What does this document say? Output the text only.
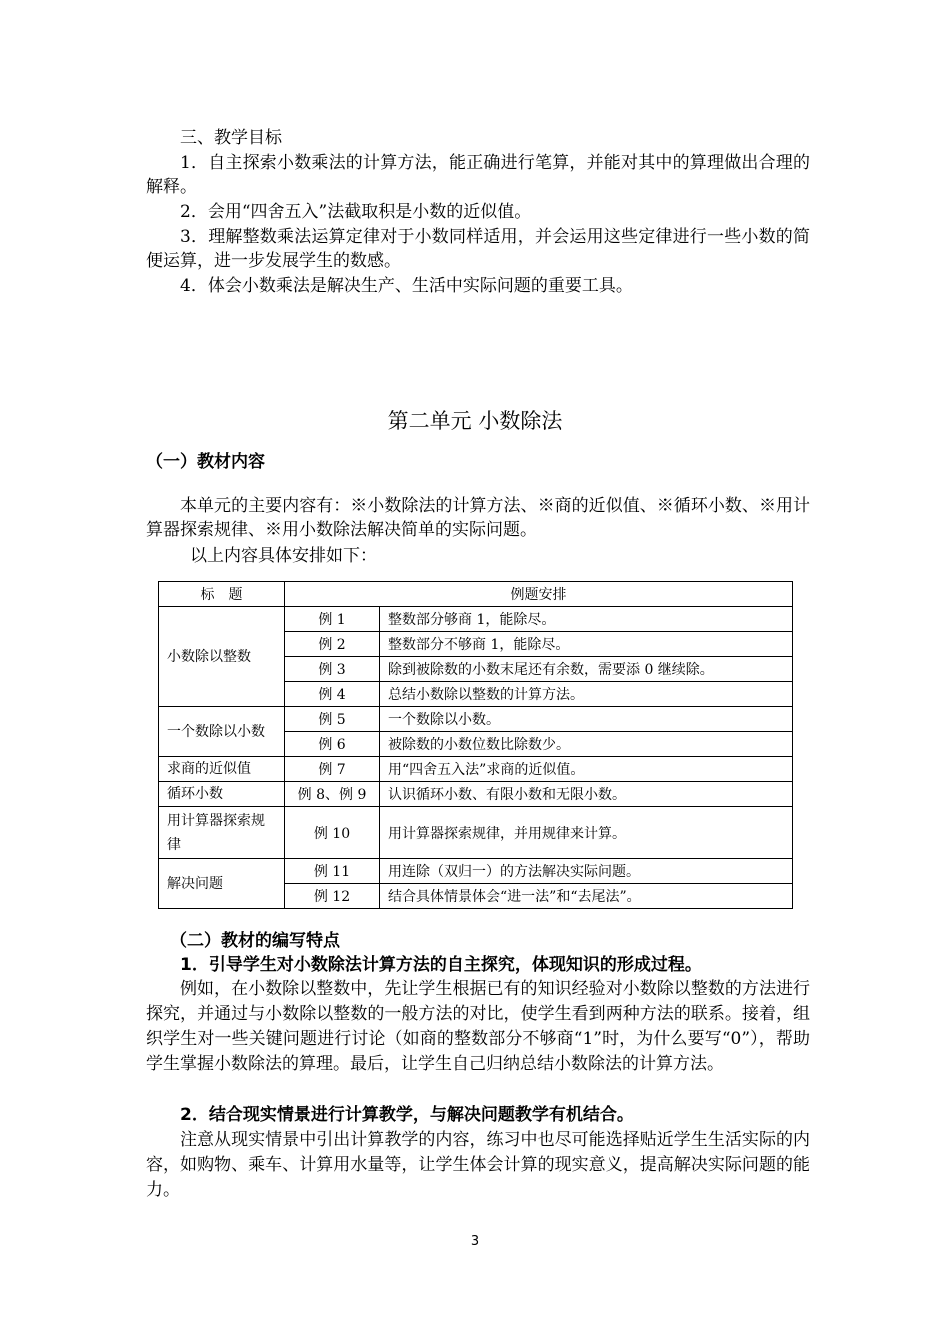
三、教学目标
1．自主探索小数乘法的计算方法，能正确进行笔算，并能对其中的算理做出合理的解释。
2．会用“四舍五入”法截取积是小数的近似值。
3．理解整数乘法运算定律对于小数同样适用，并会运用这些定律进行一些小数的简便运算，进一步发展学生的数感。
4．体会小数乘法是解决生产、生活中实际问题的重要工具。
第二单元 小数除法
（一）教材内容
本单元的主要内容有：※小数除法的计算方法、※商的近似值、※循环小数、※用计算器探索规律、※用小数除法解决简单的实际问题。
以上内容具体安排如下：
标　题	例题安排	
小数除以整数	例 1	整数部分够商 1，能除尽。
	例 2	整数部分不够商 1，能除尽。
	例 3	除到被除数的小数末尾还有余数，需要添 0 继续除。
	例 4	总结小数除以整数的计算方法。
一个数除以小数	例 5	一个数除以小数。
	例 6	被除数的小数位数比除数少。
求商的近似值	例 7	用“四舍五入法”求商的近似值。
循环小数	例 8、例 9	认识循环小数、有限小数和无限小数。
用计算器探索规律	例 10	用计算器探索规律，并用规律来计算。
解决问题	例 11	用连除（双归一）的方法解决实际问题。
	例 12	结合具体情景体会“进一法”和“去尾法”。
（二）教材的编写特点
1．引导学生对小数除法计算方法的自主探究，体现知识的形成过程。
例如，在小数除以整数中，先让学生根据已有的知识经验对小数除以整数的方法进行探究，并通过与小数除以整数的一般方法的对比，使学生看到两种方法的联系。接着，组织学生对一些关键问题进行讨论（如商的整数部分不够商“1”时，为什么要写“0”），帮助学生掌握小数除法的算理。最后，让学生自己归纳总结小数除法的计算方法。
2．结合现实情景进行计算教学，与解决问题教学有机结合。
注意从现实情景中引出计算教学的内容，练习中也尽可能选择贴近学生生活实际的内容，如购物、乘车、计算用水量等，让学生体会计算的现实意义，提高解决实际问题的能力。
3
